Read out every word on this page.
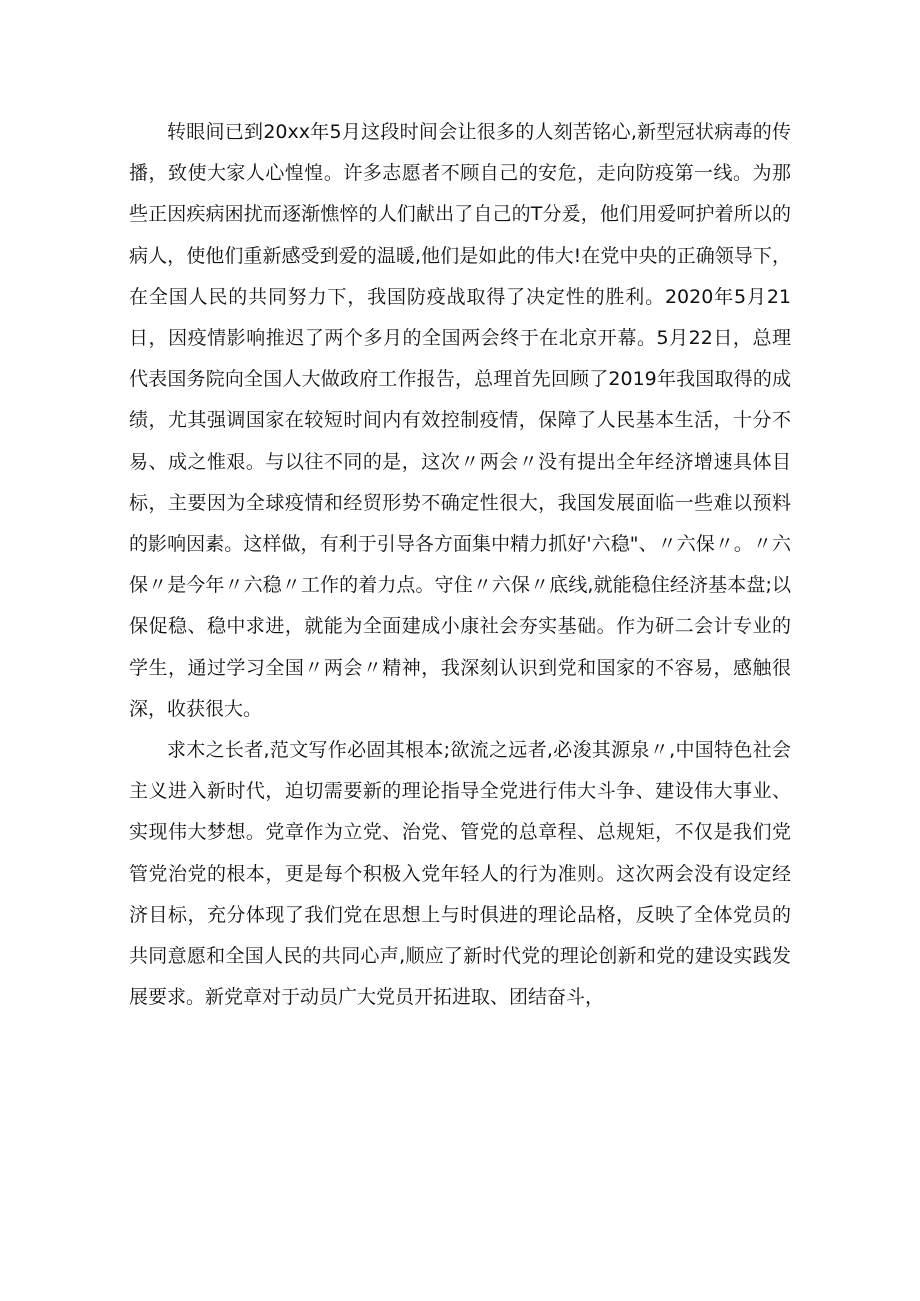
转眼间已到20xx年5月这段时间会让很多的人刻苦铭心,新型冠状病毒的传播，致使大家人心惶惶。许多志愿者不顾自己的安危，走向防疫第一线。为那些正因疾病困扰而逐渐憔悴的人们献出了自己的T分爰，他们用爱呵护着所以的病人，使他们重新感受到爱的温暖,他们是如此的伟大!在党中央的正确领导下，在全国人民的共同努力下，我国防疫战取得了决定性的胜利。2020年5月21日，因疫情影响推迟了两个多月的全国两会终于在北京开幕。5月22日，总理代表国务院向全国人大做政府工作报告，总理首先回顾了2019年我国取得的成绩，尤其强调国家在较短时间内有效控制疫情，保障了人民基本生活，十分不易、成之惟艰。与以往不同的是，这次〃两会〃没有提出全年经济增速具体目标，主要因为全球疫情和经贸形势不确定性很大，我国发展面临一些难以预料的影响因素。这样做，有利于引导各方面集中精力抓好'六稳"、〃六保〃。〃六保〃是今年〃六稳〃工作的着力点。守住〃六保〃底线,就能稳住经济基本盘;以保促稳、稳中求进，就能为全面建成小康社会夯实基础。作为研二会计专业的学生，通过学习全国〃两会〃精神，我深刻认识到党和国家的不容易，感触很深，收获很大。

求木之长者,范文写作必固其根本;欲流之远者,必浚其源泉〃,中国特色社会主义进入新时代，迫切需要新的理论指导全党进行伟大斗争、建设伟大事业、实现伟大梦想。党章作为立党、治党、管党的总章程、总规矩，不仅是我们党管党治党的根本，更是每个积极入党年轻人的行为准则。这次两会没有设定经济目标，充分体现了我们党在思想上与时俱进的理论品格，反映了全体党员的共同意愿和全国人民的共同心声,顺应了新时代党的理论创新和党的建设实践发展要求。新党章对于动员广大党员开拓进取、团结奋斗，
